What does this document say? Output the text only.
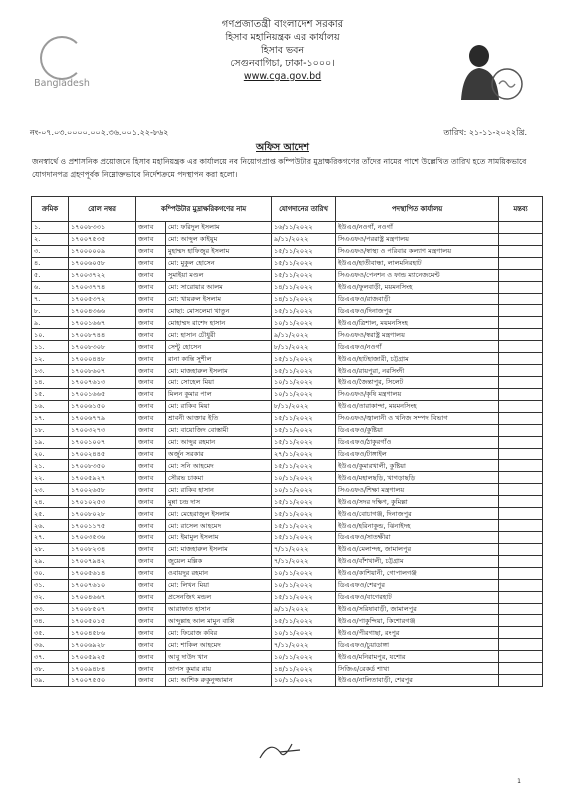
Bangladesh
গণপ্রজাতন্ত্রী বাংলাদেশ সরকার
হিসাব মহানিয়ন্ত্রক এর কার্যালয়
হিসাব ভবন
সেগুনবাগিচা, ঢাকা-১০০০।
www.cga.gov.bd
নং-০৭.০৩.০০০০.০০২.৩৬.০০১.২২-৮৬২	তারিখ: ২১-১১-২০২২খ্রি.
অফিস আদেশ
জনস্বার্থে ও প্রশাসনিক প্রয়োজনে হিসাব মহানিয়ন্ত্রক এর কার্যালয়ে নব নিয়োগপ্রাপ্ত কম্পিউটার মুদ্রাক্ষরিকগণের তাঁদের নামের পাশে উল্লেখিত তারিখ হতে সাময়িকভাবে যোগদানপত্র গ্রহণপূর্বক নিম্নোক্তভাবে নির্দেশক্রমে পদস্থাপন করা হলো।
ক্রমিক	রোল নম্বর	কম্পিউটার মুদ্রাক্ষরিকগণের নাম		যোগদানের তারিখ	পদস্থাপিত কার্যালয়	মন্তব্য
১.	১৭০০৮৩৩১	জনাব	মো: ফরিদুল ইসলাম	১৬/১১/২০২২	ইউএও/নওগাঁ, নওগাঁ	
২.	১৭০০৭৫৩৫	জনাব	মো: আব্দুল কাইয়ুম	৯/১১/২০২২	সিএএফও/পররাষ্ট্র মন্ত্রণালয়	
৩.	১৭০০০০০৯	জনাব	মুহাম্মদ হাফিজুর ইসলাম	১৫/১১/২০২২	সিএএফও/স্বাস্থ্য ও পরিবার কল্যাণ মন্ত্রণালয়	
৪.	১৭০০৬০৫৮	জনাব	মো: মুকুল হোসেন	১৫/১১/২০২২	ইউএও/হাতীবান্ধা, লালমনিরহাট	
৫.	১৭০০৩৭২২	জনাব	সুমাইয়া মণ্ডল	১৫/১১/২০২২	সিএএফও/পেনশন ও ফান্ড ম্যানেজমেন্ট	
৬.	১৭০০৩৭৭৪	জনাব	মো: সারোয়ার আলম	১৪/১১/২০২২	ইউএও/ফুলবাড়ী, ময়মনসিংহ	
৭.	১৭০০৫৩৭২	জনাব	মো: খায়রুল ইসলাম	১৪/১১/২০২২	ডিএএফও/রাজবাড়ী	
৮.	১৭০০৪৩৬৬	জনাব	মোছা: মোসলেমা খাতুন	১৫/১১/২০২২	ডিএএফও/দিনাজপুর	
৯.	১৭০০১৬৬৭	জনাব	মোহাম্মদ রাশেদ হাসান	১০/১১/২০২২	ইউএও/ত্রিশাল, ময়মনসিংহ	
১০.	১৭০০৮৭৪৪	জনাব	মো: হাসান চৌধুরী	৯/১১/২০২২	সিএএফও/স্বরাষ্ট্র মন্ত্রণালয়	
১১.	১৭০০৮৩০৮	জনাব	সেন্টু হোসেন	৮/১১/২০২২	ডিএএফও/নওগাঁ	
১২.	১৭০০০৪৪৮	জনাব	রানা কান্তি সুশীল	১৫/১১/২০২২	ইউএও/হাটহাজারী, চট্টগ্রাম	
১৩.	১৭০০৮৬০৭	জনাব	মো: মাজহারুল ইসলাম	১৫/১১/২০২২	ইউএও/রায়পুরা, নরসিংদী	
১৪.	১৭০০৭৬১৩	জনাব	মো: সোহেল মিয়া	১০/১১/২০২২	ইউএও/জৈন্তাপুর, সিলেট	
১৫.	১৭০০১৬৬৫	জনাব	মিলন কুমার পাল	১০/১১/২০২২	সিএএফও/কৃষি মন্ত্রণালয়	
১৬.	১৭০০৬১৫০	জনাব	মো: রাকিব মিয়া	৮/১১/২০২২	ইউএও/তারাকান্দা, ময়মনসিংহ	
১৭.	১৭০০৬৭৭৯	জনাব	শ্রাবনী আক্তার ইতি	১৫/১১/২০২২	সিএএফও/জ্বালানী ও খনিজ সম্পদ বিভাগ	
১৮.	১৭০০৩২৭৩	জনাব	মো: বায়োজিদ বোস্তামী	১৫/১১/২০২২	ডিএএফও/কুষ্টিয়া	
১৯.	১৭০০১০০৭	জনাব	মো: আব্দুর রহমান	১৫/১১/২০২২	ডিএএফও/ঠাকুরগাঁও	
২০.	১৭০০২৪৪৫	জনাব	অর্জুন সরকার	২৭/১১/২০২২	ডিএএফও/টাঙ্গাইল	
২১.	১৭০০৮৩৫০	জনাব	মো: সনি আহমেদ	১৫/১১/২০২২	ইউএও/কুমারখালী, কুষ্টিয়া	
২২.	১৭০০৫৯২৭	জনাব	সৌরভ চাকমা	১০/১১/২০২২	ইউএও/মহালছড়ি, খাগড়াছড়ি	
২৩.	১৭০০২৬৫৮	জনাব	মো: রাকিব হাসান	১০/১১/২০২২	সিএএফও/শিক্ষা মন্ত্রণালয়	
২৪.	১৭০১০২৫৩	জনাব	মুন্না চন্দ্র দাস	১৫/১১/২০২২	ইউএও/সদর দক্ষিণ, কুমিল্লা	
২৫.	১৭০০৮০২৮	জনাব	মো: মেহেরাজুল ইসলাম	১৫/১১/২০২২	ইউএও/বোচাগঞ্জ, দিনাজপুর	
২৬.	১৭০০১১৭৫	জনাব	মো: রাসেল আহমেদ	১৫/১১/২০২২	ইউএও/হরিনাকুন্ড, ঝিনাইদহ	
২৭.	১৭০০৩৫৩৬	জনাব	মো: ইমামুল ইসলাম	১৫/১১/২০২২	ডিএএফও/সাতক্ষীরা	
২৮.	১৭০০৮২৩৪	জনাব	মো: মাজহারুল ইসলাম	৭/১১/২০২২	ইউএও/মেলান্দহ, জামালপুর	
২৯.	১৭০০৭৯৪২	জনাব	জুয়েল মল্লিক	৭/১১/২০২২	ইউএও/বাঁশখালী, চট্টগ্রাম	
৩০.	১৭০০৫৬১৪	জনাব	ওবায়দুর রহমান	১০/১১/২০২২	ইউএও/কাশিয়ানী, গোপালগঞ্জ	
৩১.	১৭০০৭৬১০	জনাব	মো: লিখন মিয়া	১০/১১/২০২২	ডিএএফও/শেরপুর	
৩২.	১৭০০৪৬৬৭	জনাব	প্রসেনজিৎ মন্ডল	১৫/১১/২০২২	ডিএএফও/বাগেরহাট	
৩৩.	১৭০০৮৫০৭	জনাব	আরাফাত হাসান	৯/১১/২০২২	ইউএও/সরিষাবাড়ী, জামালপুর	
৩৪.	১৭০০৫০১৫	জনাব	আব্দুল্লাহ আল মামুন বাপ্পি	১৫/১১/২০২২	ইউএও/পাকুন্দিয়া, কিশোরগঞ্জ	
৩৫.	১৭০০৪৫৮৬	জনাব	মো: ফিরোজ কবির	১০/১১/২০২২	ইউএও/পীরগাছা, রংপুর	
৩৬.	১৭০০৬৯২৮	জনাব	মো: শাকিল আহমেদ	৭/১১/২০২২	ডিএএফও/চুয়াডাঙ্গা	
৩৭.	১৭০০৫৯২৫	জনাব	আবু দাউদ খান	১০/১১/২০২২	ইউএও/মনিরামপুর, যশোর	
৩৮.	১৭০০৯৪৮৪	জনাব	তাপস কুমার রায়	১৪/১১/২০২২	সিজিএ/রেকর্ড শাখা	
৩৯.	১৭০০৭৫৫০	জনাব	মো: আশিক রুকুনুজ্জামান	১০/১১/২০২২	ইউএও/নালিতাবাড়ী, শেরপুর	
1
